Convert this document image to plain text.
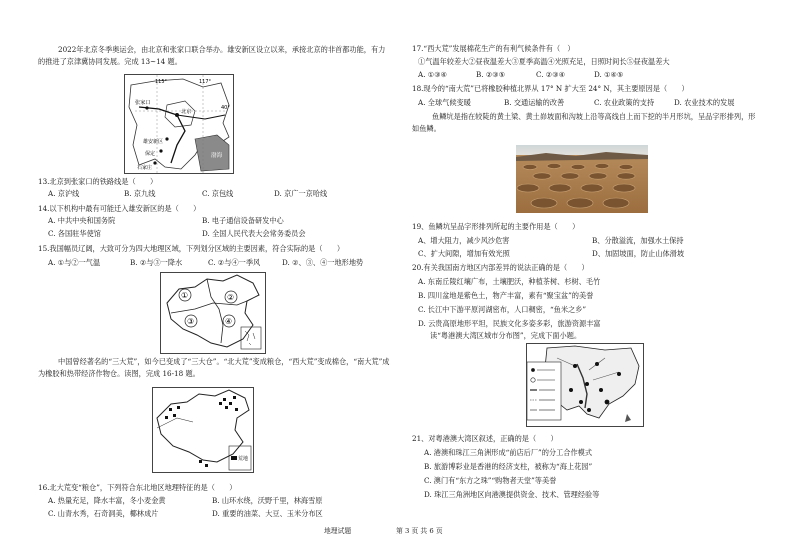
2022年北京冬季奥运会，由北京和张家口联合举办。雄安新区设立以来，承接北京的非首都功能，有力的推进了京津冀协同发展。完成 13~14 题。
115°	117°
40°
张家口
北京
雄安新区
保定
石家庄
渤海
13.北京到张家口的铁路线是（　　）
A. 京沪线	B. 京九线	C. 京包线	D. 京广一京哈线
14.以下机构中最有可能迁入雄安新区的是（　　）
A. 中共中央和国务院	B. 电子通信设备研发中心
C. 各国驻华使馆	D. 全国人民代表大会常务委员会
15.我国幅员辽阔，大致可分为四大地理区域，下列划分区域的主要因素，符合实际的是（　　）
A. ①与②一气温	B. ②与③一降水	C. ②与④一季风	D. ②、③、④一地形地势
①	②
③	④
中国曾经著名的“三大荒”，如今已变成了“三大仓”。“北大荒”变成粮仓，“西大荒”变成棉仓，“南大荒”成为橡胶和热带经济作物仓。读图，完成 16-18 题。
荒地
16.北大荒变“粮仓”，下列符合东北地区地理特征的是（　　）
A. 热量充足，降水丰富，冬小麦金黄	B. 山环水绕，沃野千里，林海雪原
C. 山青水秀，石奇洞美，椰林成片	D. 重要的油菜、大豆、玉米分布区
17.“西大荒”发展棉花生产的有利气候条件有（　）
①气温年较差大②昼夜温差大③夏季高温④光照充足，日照时间长⑤昼夜温差大
A. ①③④	B. ②③⑤	C. ②③④	D. ①④⑤
18.现今的“南大荒”已将橡胶种植北界从 17° N 扩大至 24° N，其主要原因是（　　）
A. 全球气候变暖	B. 交通运输的改善	C. 农业政策的支持	D. 农业技术的发展
鱼鳞坑是指在较陡的黄土梁、黄土峁坡面和沟坡上沿等高线自上而下挖的半月形坑，呈品字形排列，形如鱼鳞。
19、鱼鳞坑呈品字形排列所起的主要作用是（　　）
A、增大阻力，减少风沙危害	B、分散溢流，加强水土保持
C、扩大间隙，增加有效光照	D、加固坡面，防止山体滑坡
20.有关我国南方地区内部差异的说法正确的是（　　）
A. 东南丘陵红壤广布，土壤肥沃，种植茶树、杉树、毛竹
B. 四川盆地是紫色土，物产丰富，素有“聚宝盆”的美誉
C. 长江中下游平原河湖密布，人口稠密，“鱼米之乡”
D. 云贵高原地形平坦，民族文化多姿多彩，旅游资源丰富
读“粤港澳大湾区城市分布图”，完成下面小题。
21、对粤港澳大湾区叙述，正确的是（　　）
A. 港澳和珠江三角洲形成“前店后厂”的分工合作模式
B. 旅游博彩业是香港的经济支柱，被称为“海上花园”
C. 澳门有“东方之珠”“购物者天堂”等美誉
D. 珠江三角洲地区向港澳提供资金、技术、管理经验等
地理试题	第 3 页 共 6 页
